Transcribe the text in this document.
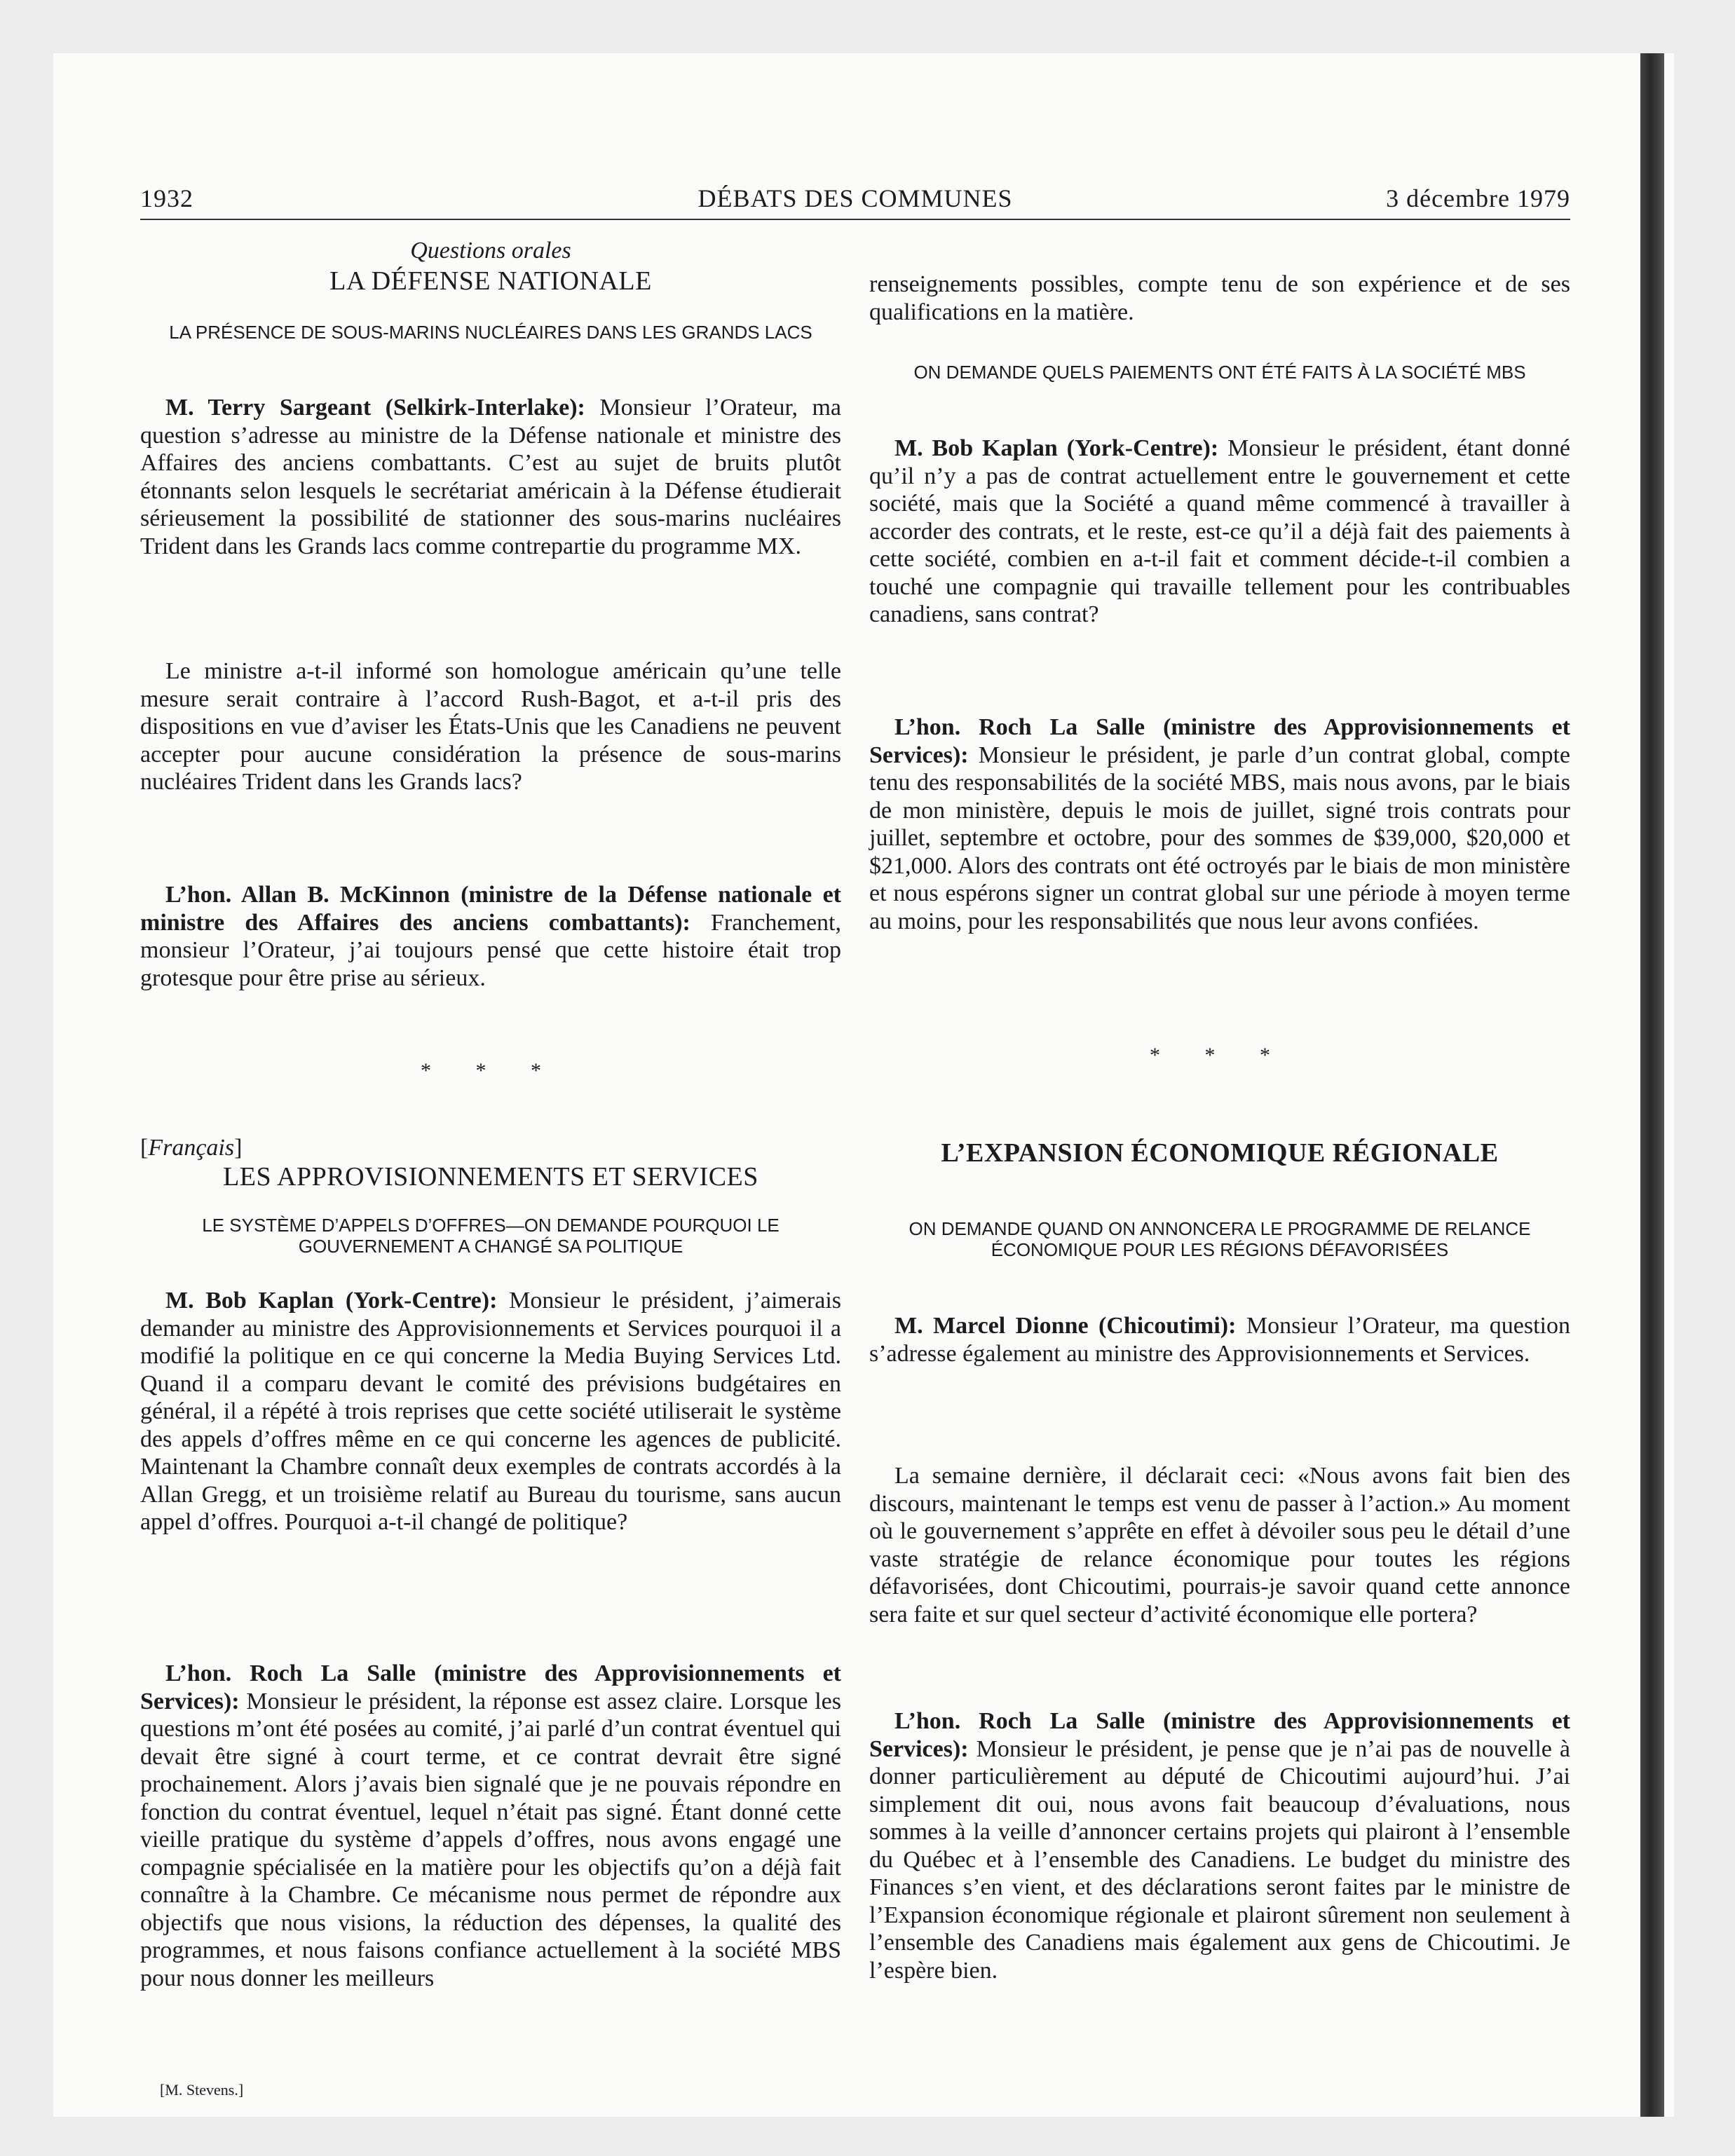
1932	DÉBATS DES COMMUNES	3 décembre 1979

Questions orales

LA DÉFENSE NATIONALE

LA PRÉSENCE DE SOUS-MARINS NUCLÉAIRES DANS LES GRANDS LACS

M. Terry Sargeant (Selkirk-Interlake): Monsieur l’Orateur, ma question s’adresse au ministre de la Défense nationale et ministre des Affaires des anciens combattants. C’est au sujet de bruits plutôt étonnants selon lesquels le secrétariat américain à la Défense étudierait sérieusement la possibilité de stationner des sous-marins nucléaires Trident dans les Grands lacs comme contrepartie du programme MX.

Le ministre a-t-il informé son homologue américain qu’une telle mesure serait contraire à l’accord Rush-Bagot, et a-t-il pris des dispositions en vue d’aviser les États-Unis que les Canadiens ne peuvent accepter pour aucune considération la présence de sous-marins nucléaires Trident dans les Grands lacs?

L’hon. Allan B. McKinnon (ministre de la Défense nationale et ministre des Affaires des anciens combattants): Franchement, monsieur l’Orateur, j’ai toujours pensé que cette histoire était trop grotesque pour être prise au sérieux.

* * *

[Français]

LES APPROVISIONNEMENTS ET SERVICES

LE SYSTÈME D’APPELS D’OFFRES—ON DEMANDE POURQUOI LE GOUVERNEMENT A CHANGÉ SA POLITIQUE

M. Bob Kaplan (York-Centre): Monsieur le président, j’aimerais demander au ministre des Approvisionnements et Services pourquoi il a modifié la politique en ce qui concerne la Media Buying Services Ltd. Quand il a comparu devant le comité des prévisions budgétaires en général, il a répété à trois reprises que cette société utiliserait le système des appels d’offres même en ce qui concerne les agences de publicité. Maintenant la Chambre connaît deux exemples de contrats accordés à la Allan Gregg, et un troisième relatif au Bureau du tourisme, sans aucun appel d’offres. Pourquoi a-t-il changé de politique?

L’hon. Roch La Salle (ministre des Approvisionnements et Services): Monsieur le président, la réponse est assez claire. Lorsque les questions m’ont été posées au comité, j’ai parlé d’un contrat éventuel qui devait être signé à court terme, et ce contrat devrait être signé prochainement. Alors j’avais bien signalé que je ne pouvais répondre en fonction du contrat éventuel, lequel n’était pas signé. Étant donné cette vieille pratique du système d’appels d’offres, nous avons engagé une compagnie spécialisée en la matière pour les objectifs qu’on a déjà fait connaître à la Chambre. Ce mécanisme nous permet de répondre aux objectifs que nous visions, la réduction des dépenses, la qualité des programmes, et nous faisons confiance actuellement à la société MBS pour nous donner les meilleurs

[M. Stevens.]

renseignements possibles, compte tenu de son expérience et de ses qualifications en la matière.

ON DEMANDE QUELS PAIEMENTS ONT ÉTÉ FAITS À LA SOCIÉTÉ MBS

M. Bob Kaplan (York-Centre): Monsieur le président, étant donné qu’il n’y a pas de contrat actuellement entre le gouvernement et cette société, mais que la Société a quand même commencé à travailler à accorder des contrats, et le reste, est-ce qu’il a déjà fait des paiements à cette société, combien en a-t-il fait et comment décide-t-il combien a touché une compagnie qui travaille tellement pour les contribuables canadiens, sans contrat?

L’hon. Roch La Salle (ministre des Approvisionnements et Services): Monsieur le président, je parle d’un contrat global, compte tenu des responsabilités de la société MBS, mais nous avons, par le biais de mon ministère, depuis le mois de juillet, signé trois contrats pour juillet, septembre et octobre, pour des sommes de $39,000, $20,000 et $21,000. Alors des contrats ont été octroyés par le biais de mon ministère et nous espérons signer un contrat global sur une période à moyen terme au moins, pour les responsabilités que nous leur avons confiées.

* * *

L’EXPANSION ÉCONOMIQUE RÉGIONALE

ON DEMANDE QUAND ON ANNONCERA LE PROGRAMME DE RELANCE ÉCONOMIQUE POUR LES RÉGIONS DÉFAVORISÉES

M. Marcel Dionne (Chicoutimi): Monsieur l’Orateur, ma question s’adresse également au ministre des Approvisionnements et Services.

La semaine dernière, il déclarait ceci: «Nous avons fait bien des discours, maintenant le temps est venu de passer à l’action.» Au moment où le gouvernement s’apprête en effet à dévoiler sous peu le détail d’une vaste stratégie de relance économique pour toutes les régions défavorisées, dont Chicoutimi, pourrais-je savoir quand cette annonce sera faite et sur quel secteur d’activité économique elle portera?

L’hon. Roch La Salle (ministre des Approvisionnements et Services): Monsieur le président, je pense que je n’ai pas de nouvelle à donner particulièrement au député de Chicoutimi aujourd’hui. J’ai simplement dit oui, nous avons fait beaucoup d’évaluations, nous sommes à la veille d’annoncer certains projets qui plairont à l’ensemble du Québec et à l’ensemble des Canadiens. Le budget du ministre des Finances s’en vient, et des déclarations seront faites par le ministre de l’Expansion économique régionale et plairont sûrement non seulement à l’ensemble des Canadiens mais également aux gens de Chicoutimi. Je l’espère bien.
